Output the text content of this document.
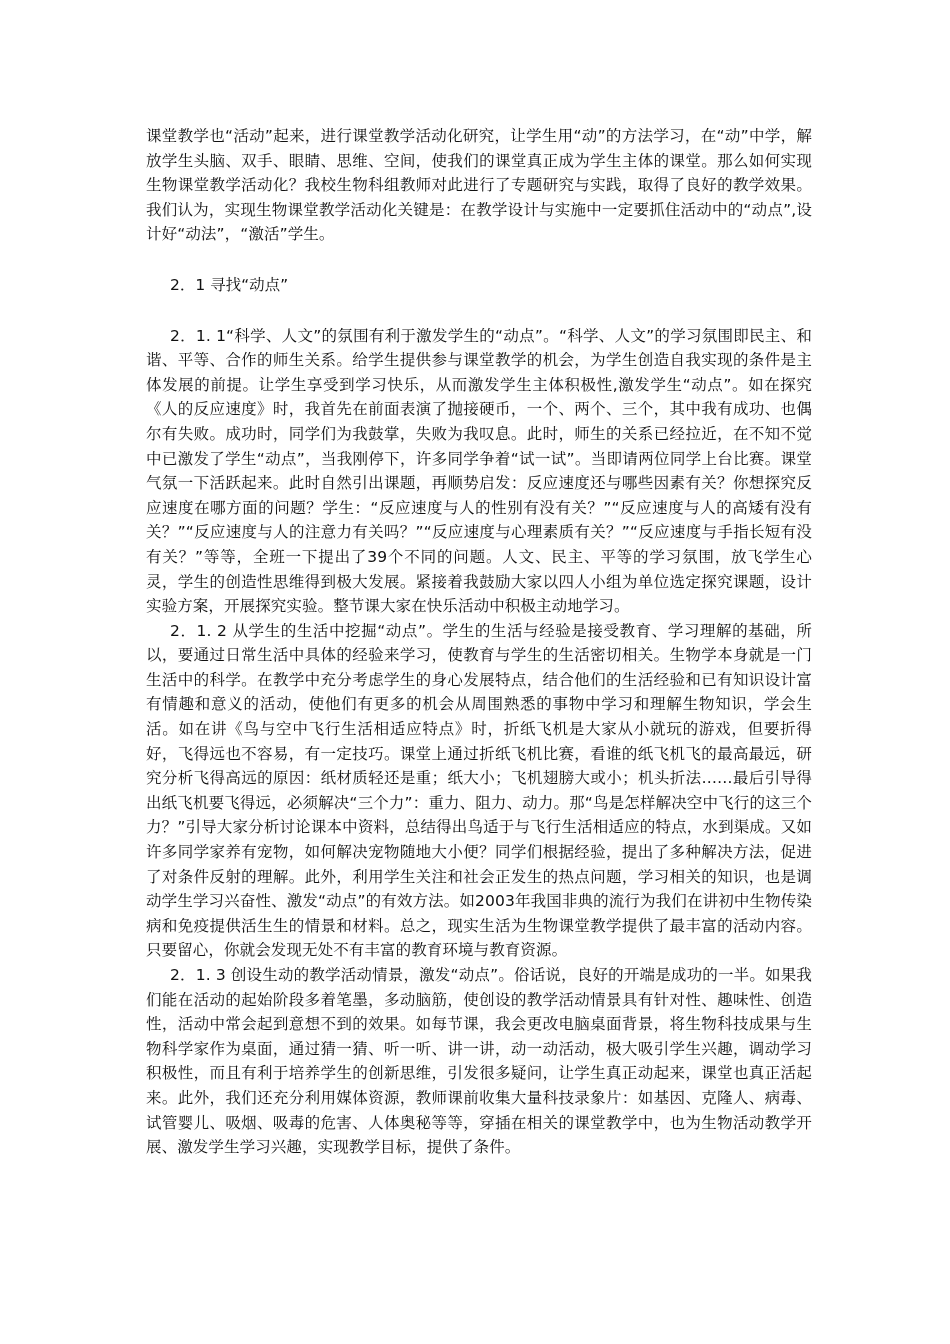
课堂教学也“活动”起来，进行课堂教学活动化研究，让学生用“动”的方法学习，在“动”中学，解放学生头脑、双手、眼睛、思维、空间，使我们的课堂真正成为学生主体的课堂。那么如何实现生物课堂教学活动化？我校生物科组教师对此进行了专题研究与实践，取得了良好的教学效果。我们认为，实现生物课堂教学活动化关键是：在教学设计与实施中一定要抓住活动中的“动点”,设计好“动法”，“激活”学生。

2．1 寻找“动点”

2．1. 1“科学、人文”的氛围有利于激发学生的“动点”。“科学、人文”的学习氛围即民主、和谐、平等、合作的师生关系。给学生提供参与课堂教学的机会，为学生创造自我实现的条件是主体发展的前提。让学生享受到学习快乐，从而激发学生主体积极性,激发学生“动点”。如在探究《人的反应速度》时，我首先在前面表演了抛接硬币，一个、两个、三个，其中我有成功、也偶尔有失败。成功时，同学们为我鼓掌，失败为我叹息。此时，师生的关系已经拉近，在不知不觉中已激发了学生“动点”，当我刚停下，许多同学争着“试一试”。当即请两位同学上台比赛。课堂气氛一下活跃起来。此时自然引出课题，再顺势启发：反应速度还与哪些因素有关？你想探究反应速度在哪方面的问题？学生：“反应速度与人的性别有没有关？”“反应速度与人的高矮有没有关？”“反应速度与人的注意力有关吗？”“反应速度与心理素质有关？”“反应速度与手指长短有没有关？”等等，全班一下提出了39个不同的问题。人文、民主、平等的学习氛围，放飞学生心灵，学生的创造性思维得到极大发展。紧接着我鼓励大家以四人小组为单位选定探究课题，设计实验方案，开展探究实验。整节课大家在快乐活动中积极主动地学习。

2．1. 2 从学生的生活中挖掘“动点”。学生的生活与经验是接受教育、学习理解的基础，所以，要通过日常生活中具体的经验来学习，使教育与学生的生活密切相关。生物学本身就是一门生活中的科学。在教学中充分考虑学生的身心发展特点，结合他们的生活经验和已有知识设计富有情趣和意义的活动，使他们有更多的机会从周围熟悉的事物中学习和理解生物知识，学会生活。如在讲《鸟与空中飞行生活相适应特点》时，折纸飞机是大家从小就玩的游戏，但要折得好，飞得远也不容易，有一定技巧。课堂上通过折纸飞机比赛，看谁的纸飞机飞的最高最远，研究分析飞得高远的原因：纸材质轻还是重；纸大小；飞机翅膀大或小；机头折法……最后引导得出纸飞机要飞得远，必须解决“三个力”：重力、阻力、动力。那“鸟是怎样解决空中飞行的这三个力？”引导大家分析讨论课本中资料，总结得出鸟适于与飞行生活相适应的特点，水到渠成。又如许多同学家养有宠物，如何解决宠物随地大小便？同学们根据经验，提出了多种解决方法，促进了对条件反射的理解。此外，利用学生关注和社会正发生的热点问题，学习相关的知识，也是调动学生学习兴奋性、激发“动点”的有效方法。如2003年我国非典的流行为我们在讲初中生物传染病和免疫提供活生生的情景和材料。总之，现实生活为生物课堂教学提供了最丰富的活动内容。只要留心，你就会发现无处不有丰富的教育环境与教育资源。

2．1. 3 创设生动的教学活动情景，激发“动点”。俗话说，良好的开端是成功的一半。如果我们能在活动的起始阶段多着笔墨，多动脑筋，使创设的教学活动情景具有针对性、趣味性、创造性，活动中常会起到意想不到的效果。如每节课，我会更改电脑桌面背景，将生物科技成果与生物科学家作为桌面，通过猜一猜、听一听、讲一讲，动一动活动，极大吸引学生兴趣，调动学习积极性，而且有利于培养学生的创新思维，引发很多疑问，让学生真正动起来，课堂也真正活起来。此外，我们还充分利用媒体资源，教师课前收集大量科技录象片：如基因、克隆人、病毒、试管婴儿、吸烟、吸毒的危害、人体奥秘等等，穿插在相关的课堂教学中，也为生物活动教学开展、激发学生学习兴趣，实现教学目标，提供了条件。
